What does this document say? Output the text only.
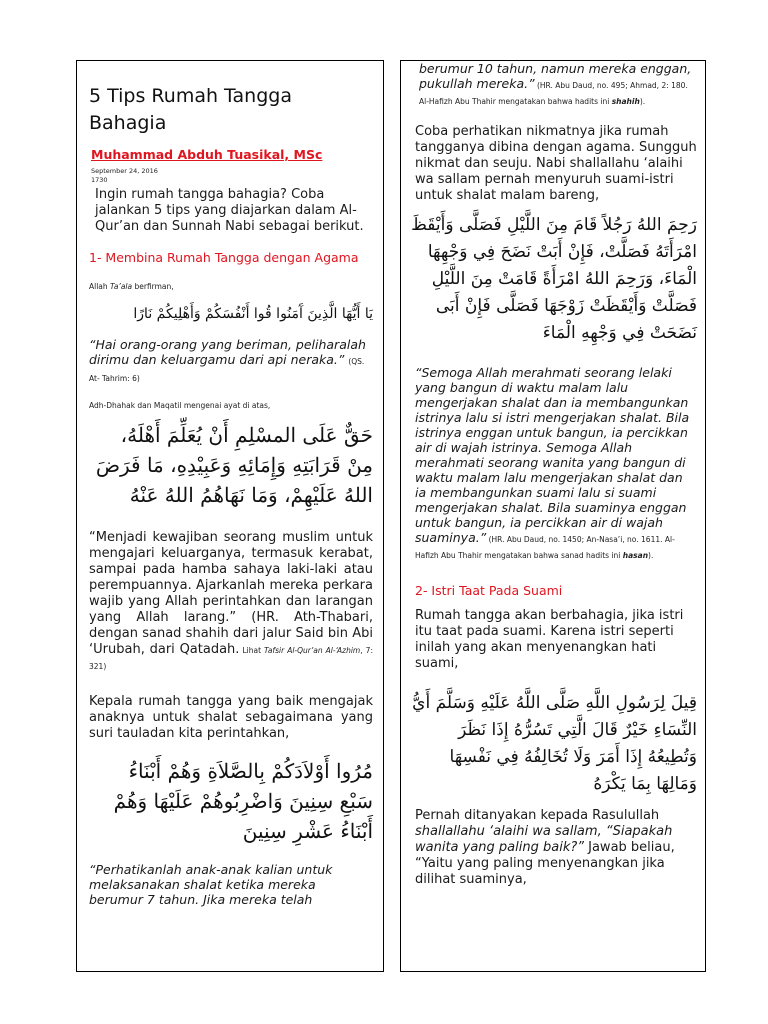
5 Tips Rumah Tangga Bahagia

Muhammad Abduh Tuasikal, MSc

September 24, 2016

1730

Ingin rumah tangga bahagia? Coba jalankan 5 tips yang diajarkan dalam Al-Qur’an dan Sunnah Nabi sebagai berikut.

1- Membina Rumah Tangga dengan Agama

Allah Ta’ala berfirman,

يَا أَيُّهَا الَّذِينَ آَمَنُوا قُوا أَنْفُسَكُمْ وَأَهْلِيكُمْ نَارًا

“Hai orang-orang yang beriman, peliharalah dirimu dan keluargamu dari api neraka.” (QS. At- Tahrim: 6)

Adh-Dhahak dan Maqatil mengenai ayat di atas,

حَقٌّ عَلَى المسْلِمِ أَنْ يُعَلِّمَ أَهْلَهُ، مِنْ قَرَابَتِهِ وَإِمَائِهِ وَعَبِيْدِهِ، مَا فَرَضَ اللهُ عَلَيْهِمْ، وَمَا نَهَاهُمُ اللهُ عَنْهُ

“Menjadi kewajiban seorang muslim untuk mengajari keluarganya, termasuk kerabat, sampai pada hamba sahaya laki-laki atau perempuannya. Ajarkanlah mereka perkara wajib yang Allah perintahkan dan larangan yang Allah larang.” (HR. Ath-Thabari, dengan sanad shahih dari jalur Said bin Abi ‘Urubah, dari Qatadah. Lihat Tafsir Al-Qur’an Al-‘Azhim, 7: 321)

Kepala rumah tangga yang baik mengajak anaknya untuk shalat sebagaimana yang suri tauladan kita perintahkan,

مُرُوا أَوْلاَدَكُمْ بِالصَّلاَةِ وَهُمْ أَبْنَاءُ سَبْعِ سِنِينَ وَاضْرِبُوهُمْ عَلَيْهَا وَهُمْ أَبْنَاءُ عَشْرِ سِنِينَ

“Perhatikanlah anak-anak kalian untuk melaksanakan shalat ketika mereka berumur 7 tahun. Jika mereka telah

berumur 10 tahun, namun mereka enggan, pukullah mereka.” (HR. Abu Daud, no. 495; Ahmad, 2: 180. Al-Hafizh Abu Thahir mengatakan bahwa hadits ini shahih).

Coba perhatikan nikmatnya jika rumah tangganya dibina dengan agama. Sungguh nikmat dan seuju. Nabi shallallahu ‘alaihi wa sallam pernah menyuruh suami-istri untuk shalat malam bareng,

رَحِمَ اللهُ رَجُلاً قَامَ مِنَ اللَّيْلِ فَصَلَّى وَأَيْقَظَ امْرَأَتَهُ فَصَلَّتْ، فَإِنْ أَبَتْ نَضَحَ فِي وَجْهِهَا الْمَاءَ، وَرَحِمَ اللهُ امْرَأَةً قَامَتْ مِنَ اللَّيْلِ فَصَلَّتْ وَأَيْقَظَتْ زَوْجَهَا فَصَلَّى فَإِنْ أَبَى نَضَحَتْ فِي وَجْهِهِ الْمَاءَ

“Semoga Allah merahmati seorang lelaki yang bangun di waktu malam lalu mengerjakan shalat dan ia membangunkan istrinya lalu si istri mengerjakan shalat. Bila istrinya enggan untuk bangun, ia percikkan air di wajah istrinya. Semoga Allah merahmati seorang wanita yang bangun di waktu malam lalu mengerjakan shalat dan ia membangunkan suami lalu si suami mengerjakan shalat. Bila suaminya enggan untuk bangun, ia percikkan air di wajah suaminya.” (HR. Abu Daud, no. 1450; An-Nasa’i, no. 1611. Al-Hafizh Abu Thahir mengatakan bahwa sanad hadits ini hasan).

2- Istri Taat Pada Suami

Rumah tangga akan berbahagia, jika istri itu taat pada suami. Karena istri seperti inilah yang akan menyenangkan hati suami,

قِيلَ لِرَسُولِ اللَّهِ صَلَّى اللَّهُ عَلَيْهِ وَسَلَّمَ أَيُّ النِّسَاءِ خَيْرٌ قَالَ الَّتِي تَسُرُّهُ إِذَا نَظَرَ وَتُطِيعُهُ إِذَا أَمَرَ وَلَا تُخَالِفُهُ فِي نَفْسِهَا وَمَالِهَا بِمَا يَكْرَهُ

Pernah ditanyakan kepada Rasulullah shallallahu ‘alaihi wa sallam, “Siapakah wanita yang paling baik?” Jawab beliau, “Yaitu yang paling menyenangkan jika dilihat suaminya,
